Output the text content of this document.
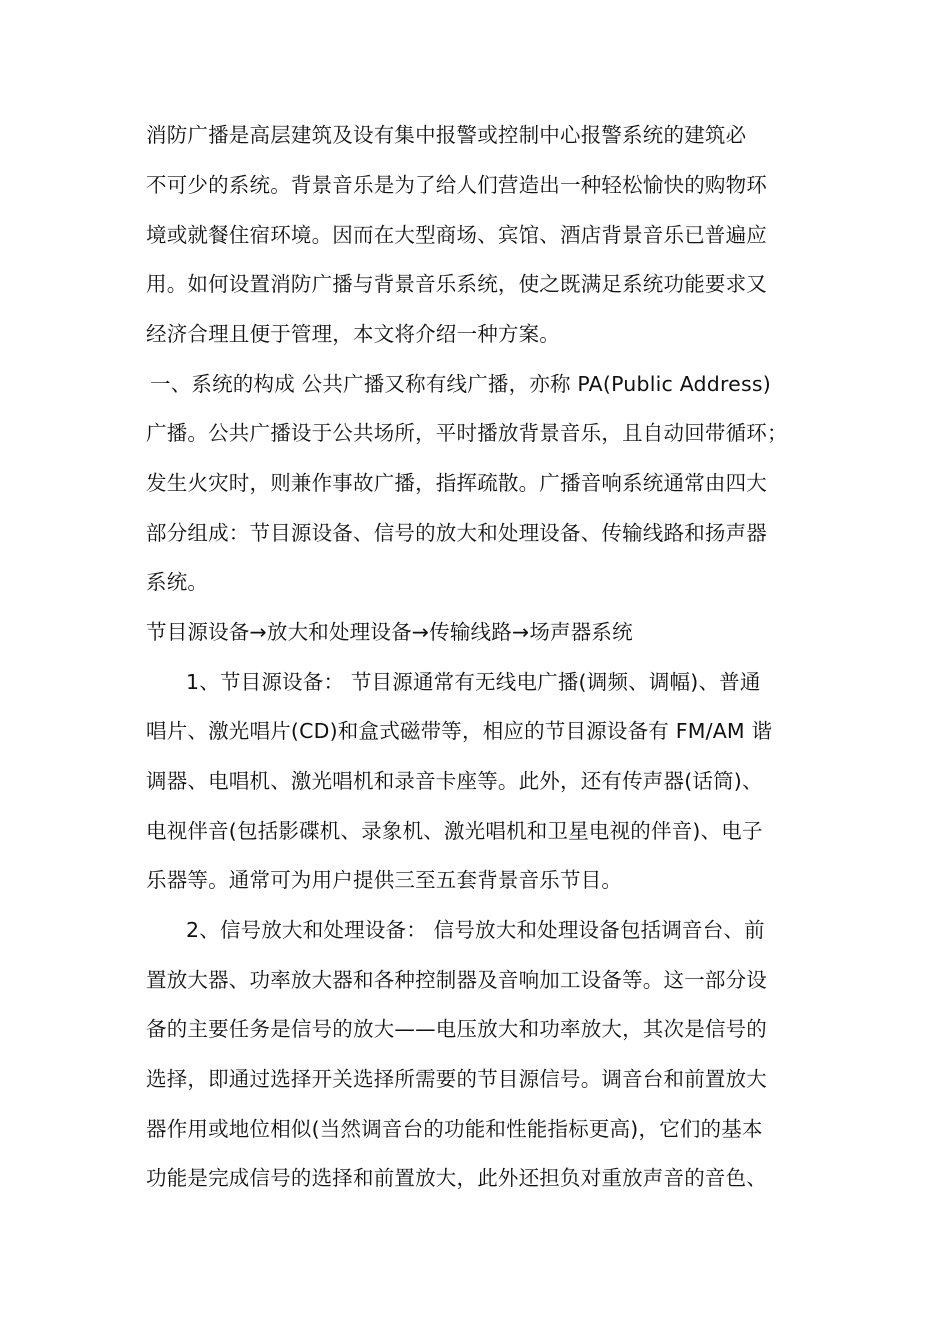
消防广播是高层建筑及设有集中报警或控制中心报警系统的建筑必
不可少的系统。背景音乐是为了给人们营造出一种轻松愉快的购物环
境或就餐住宿环境。因而在大型商场、宾馆、酒店背景音乐已普遍应
用。如何设置消防广播与背景音乐系统，使之既满足系统功能要求又
经济合理且便于管理，本文将介绍一种方案。
一、系统的构成 公共广播又称有线广播，亦称 PA(Public Address)
广播。公共广播设于公共场所，平时播放背景音乐，且自动回带循环；
发生火灾时，则兼作事故广播，指挥疏散。广播音响系统通常由四大
部分组成：节目源设备、信号的放大和处理设备、传输线路和扬声器
系统。
节目源设备→放大和处理设备→传输线路→场声器系统
1、节目源设备： 节目源通常有无线电广播(调频、调幅)、普通
唱片、激光唱片(CD)和盒式磁带等，相应的节目源设备有 FM/AM 谐
调器、电唱机、激光唱机和录音卡座等。此外，还有传声器(话筒)、
电视伴音(包括影碟机、录象机、激光唱机和卫星电视的伴音)、电子
乐器等。通常可为用户提供三至五套背景音乐节目。
2、信号放大和处理设备： 信号放大和处理设备包括调音台、前
置放大器、功率放大器和各种控制器及音响加工设备等。这一部分设
备的主要任务是信号的放大——电压放大和功率放大，其次是信号的
选择，即通过选择开关选择所需要的节目源信号。调音台和前置放大
器作用或地位相似(当然调音台的功能和性能指标更高)，它们的基本
功能是完成信号的选择和前置放大，此外还担负对重放声音的音色、
